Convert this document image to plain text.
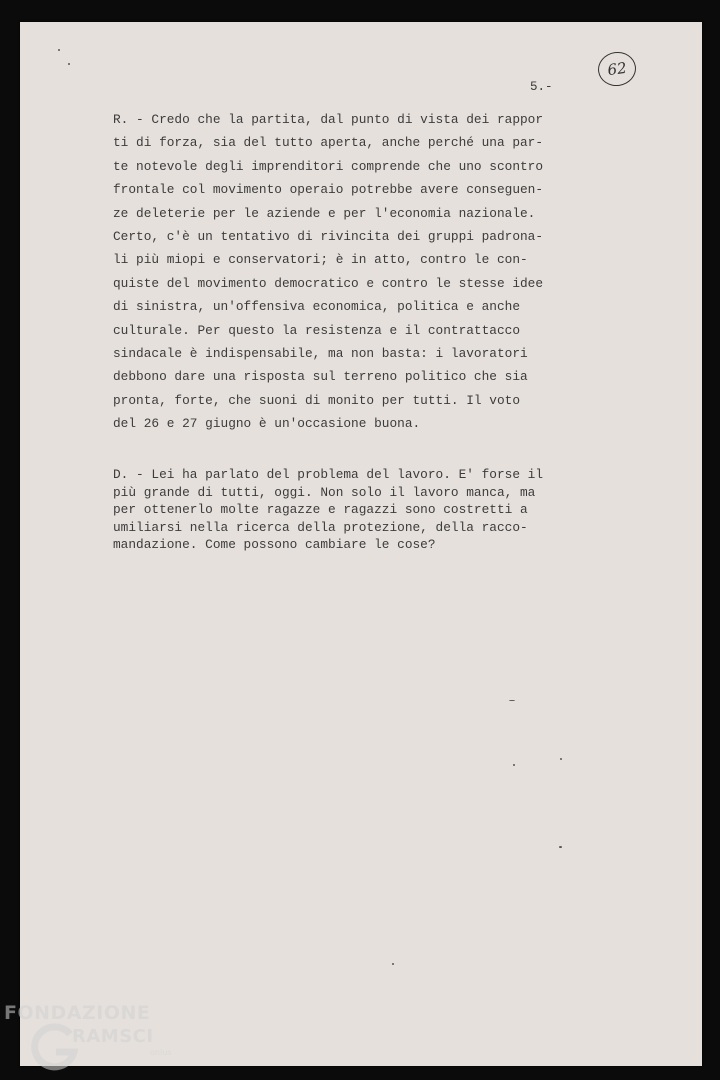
62
5.-
R. - Credo che la partita, dal punto di vista dei rappor
ti di forza, sia del tutto aperta, anche perché una par-
te notevole degli imprenditori comprende che uno scontro
frontale col movimento operaio potrebbe avere conseguen-
ze deleterie per le aziende e per l'economia nazionale.
Certo, c'è un tentativo di rivincita dei gruppi padrona-
li più miopi e conservatori; è in atto, contro le con-
quiste del movimento democratico e contro le stesse idee
di sinistra, un'offensiva economica, politica e anche
culturale. Per questo la resistenza e il contrattacco
sindacale è indispensabile, ma non basta: i lavoratori
debbono dare una risposta sul terreno politico che sia
pronta, forte, che suoni di monito per tutti. Il voto
del 26 e 27 giugno è un'occasione buona.
D. - Lei ha parlato del problema del lavoro. E' forse il
più grande di tutti, oggi. Non solo il lavoro manca, ma
per ottenerlo molte ragazze e ragazzi sono costretti a
umiliarsi nella ricerca della protezione, della racco-
mandazione. Come possono cambiare le cose?
FONDAZIONE
RAMSCI
onlus
